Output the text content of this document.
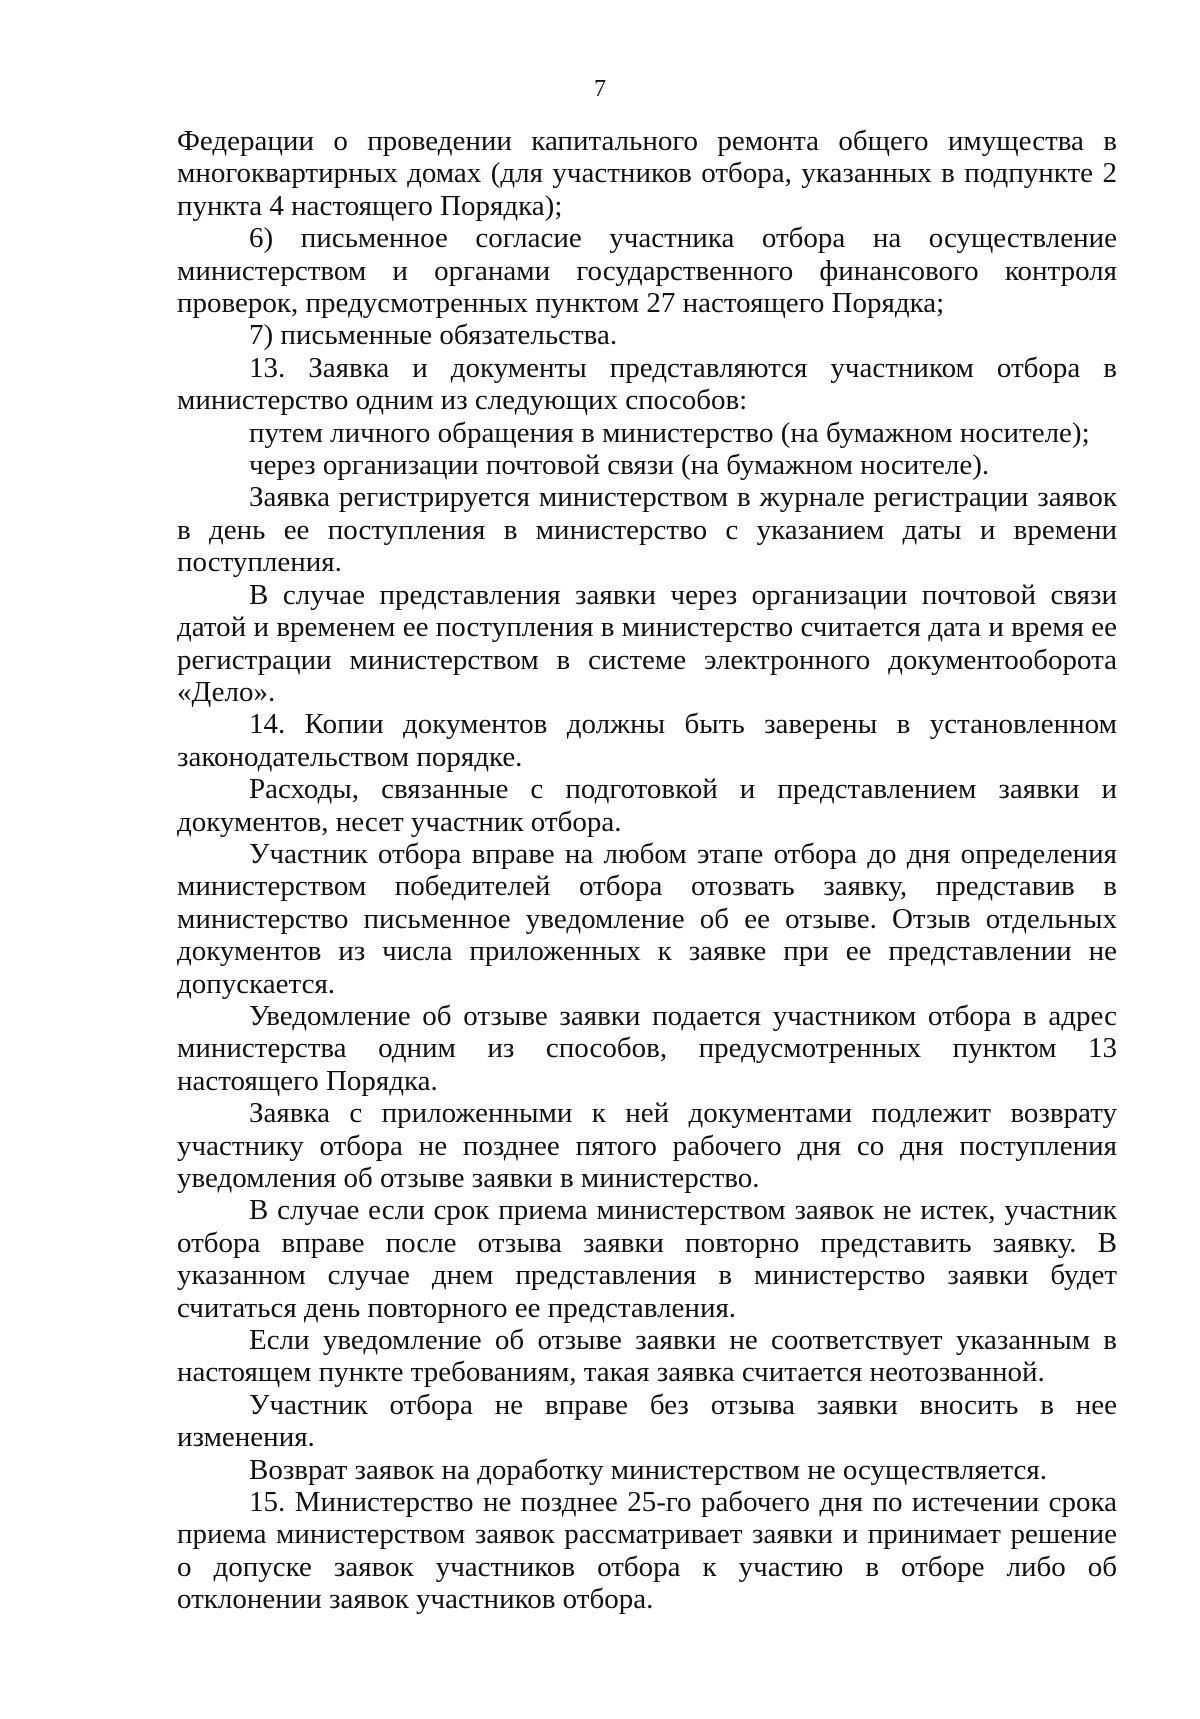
7

Федерации о проведении капитального ремонта общего имущества в многоквартирных домах (для участников отбора, указанных в подпункте 2 пункта 4 настоящего Порядка);

6) письменное согласие участника отбора на осуществление министерством и органами государственного финансового контроля проверок, предусмотренных пунктом 27 настоящего Порядка;

7) письменные обязательства.

13. Заявка и документы представляются участником отбора в министерство одним из следующих способов:

путем личного обращения в министерство (на бумажном носителе);

через организации почтовой связи (на бумажном носителе).

Заявка регистрируется министерством в журнале регистрации заявок в день ее поступления в министерство с указанием даты и времени поступления.

В случае представления заявки через организации почтовой связи датой и временем ее поступления в министерство считается дата и время ее регистрации министерством в системе электронного документооборота «Дело».

14. Копии документов должны быть заверены в установленном законодательством порядке.

Расходы, связанные с подготовкой и представлением заявки и документов, несет участник отбора.

Участник отбора вправе на любом этапе отбора до дня определения министерством победителей отбора отозвать заявку, представив в министерство письменное уведомление об ее отзыве. Отзыв отдельных документов из числа приложенных к заявке при ее представлении не допускается.

Уведомление об отзыве заявки подается участником отбора в адрес министерства одним из способов, предусмотренных пунктом 13 настоящего Порядка.

Заявка с приложенными к ней документами подлежит возврату участнику отбора не позднее пятого рабочего дня со дня поступления уведомления об отзыве заявки в министерство.

В случае если срок приема министерством заявок не истек, участник отбора вправе после отзыва заявки повторно представить заявку. В указанном случае днем представления в министерство заявки будет считаться день повторного ее представления.

Если уведомление об отзыве заявки не соответствует указанным в настоящем пункте требованиям, такая заявка считается неотозванной.

Участник отбора не вправе без отзыва заявки вносить в нее изменения.

Возврат заявок на доработку министерством не осуществляется.

15. Министерство не позднее 25-го рабочего дня по истечении срока приема министерством заявок рассматривает заявки и принимает решение о допуске заявок участников отбора к участию в отборе либо об отклонении заявок участников отбора.
